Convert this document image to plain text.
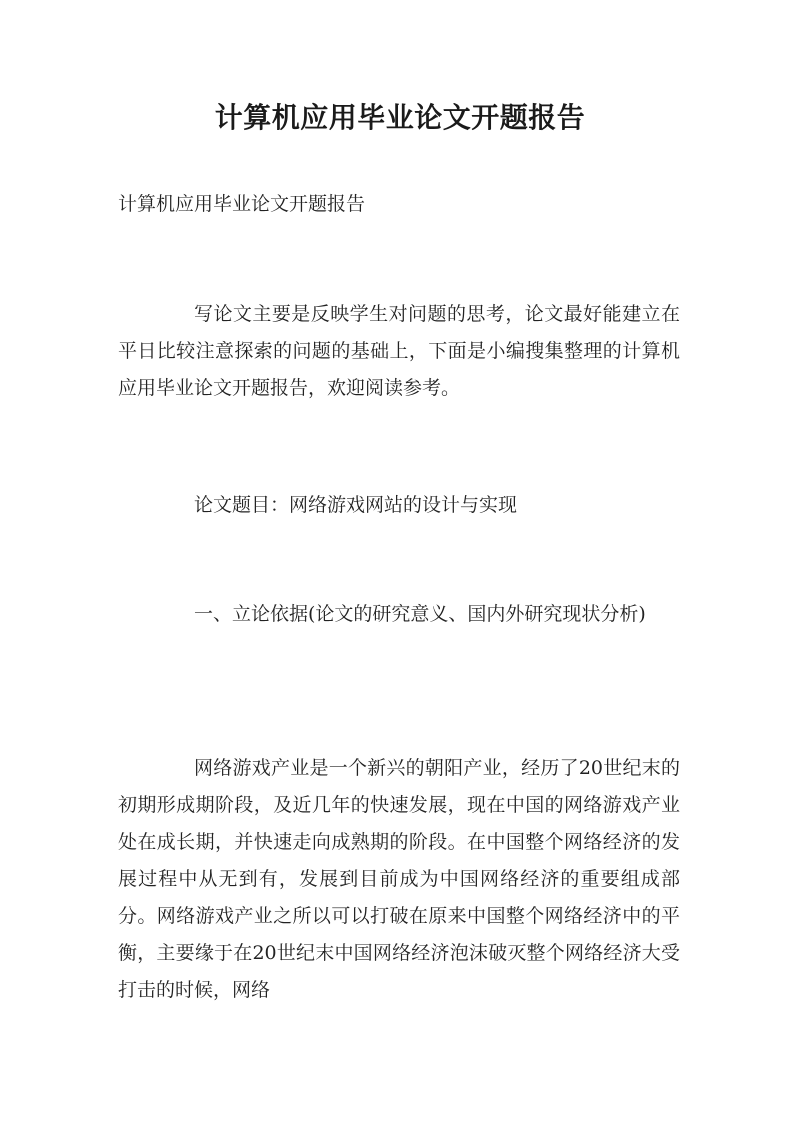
计算机应用毕业论文开题报告

计算机应用毕业论文开题报告

写论文主要是反映学生对问题的思考，论文最好能建立在平日比较注意探索的问题的基础上，下面是小编搜集整理的计算机应用毕业论文开题报告，欢迎阅读参考。

论文题目：网络游戏网站的设计与实现

一、立论依据(论文的研究意义、国内外研究现状分析)

网络游戏产业是一个新兴的朝阳产业，经历了20世纪末的初期形成期阶段，及近几年的快速发展，现在中国的网络游戏产业处在成长期，并快速走向成熟期的阶段。在中国整个网络经济的发展过程中从无到有，发展到目前成为中国网络经济的重要组成部分。网络游戏产业之所以可以打破在原来中国整个网络经济中的平衡，主要缘于在20世纪末中国网络经济泡沫破灭整个网络经济大受打击的时候，网络
